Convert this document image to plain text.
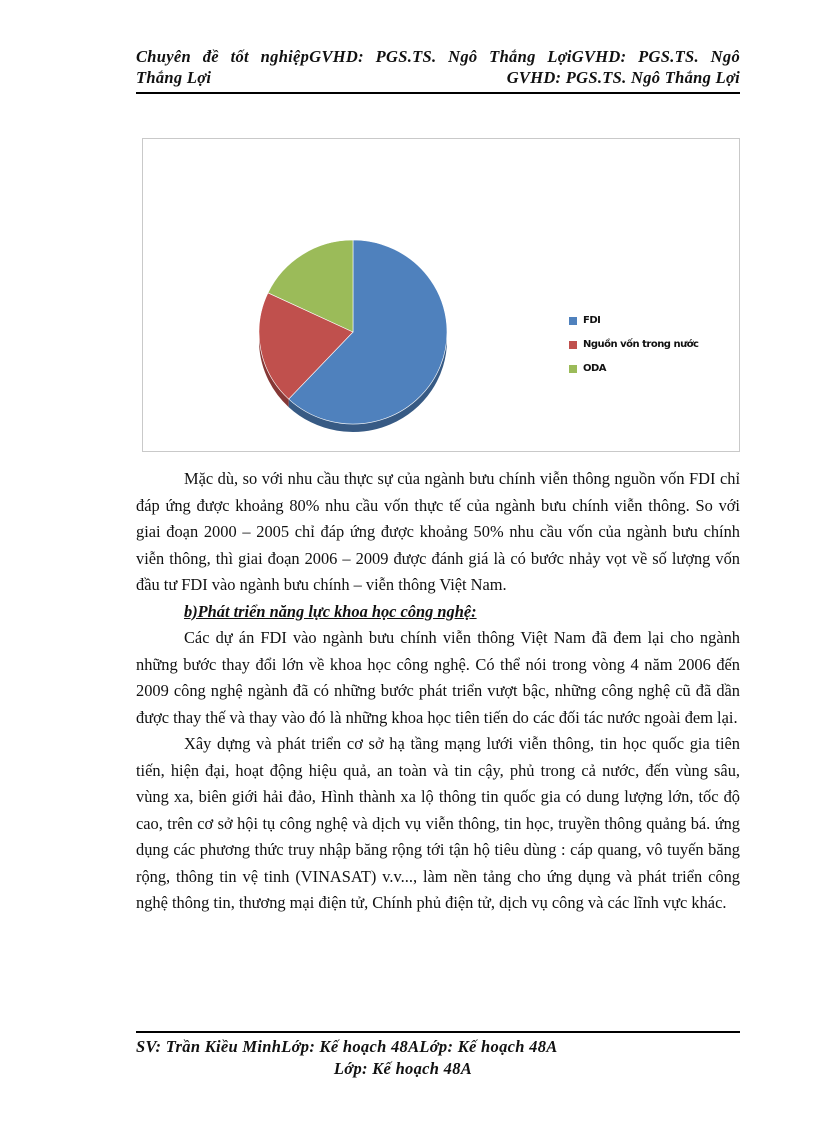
Chuyên đề tốt nghiệpGVHD: PGS.TS. Ngô Thắng LợiGVHD: PGS.TS. Ngô
Thắng Lợi	GVHD: PGS.TS. Ngô Thắng Lợi
FDI
Nguồn vốn trong nước
ODA

Mặc dù, so với nhu cầu thực sự của ngành bưu chính viễn thông nguồn vốn FDI chỉ đáp ứng được khoảng 80% nhu cầu vốn thực tế của ngành bưu chính viễn thông. So với giai đoạn 2000 – 2005 chỉ đáp ứng được khoảng 50% nhu cầu vốn của ngành bưu chính viễn thông, thì giai đoạn 2006 – 2009 được đánh giá là có bước nhảy vọt về số lượng vốn đầu tư FDI vào ngành bưu chính – viễn thông Việt Nam.

b)Phát triển năng lực khoa học công nghệ:

Các dự án FDI vào ngành bưu chính viễn thông Việt Nam đã đem lại cho ngành những bước thay đổi lớn về khoa học công nghệ. Có thể nói trong vòng 4 năm 2006 đến 2009 công nghệ ngành đã có những bước phát triển vượt bậc, những công nghệ cũ đã dần được thay thế và thay vào đó là những khoa học tiên tiến do các đối tác nước ngoài đem lại.

Xây dựng và phát triển cơ sở hạ tầng mạng lưới viễn thông, tin học quốc gia tiên tiến, hiện đại, hoạt động hiệu quả, an toàn và tin cậy, phủ trong cả nước, đến vùng sâu, vùng xa, biên giới hải đảo, Hình thành xa lộ thông tin quốc gia có dung lượng lớn, tốc độ cao, trên cơ sở hội tụ công nghệ và dịch vụ viễn thông, tin học, truyền thông quảng bá. ứng dụng các phương thức truy nhập băng rộng tới tận hộ tiêu dùng : cáp quang, vô tuyến băng rộng, thông tin vệ tinh (VINASAT) v.v..., làm nền tảng cho ứng dụng và phát triển công nghệ thông tin, thương mại điện tử, Chính phủ điện tử, dịch vụ công và các lĩnh vực khác.

SV: Trần Kiều MinhLớp: Kế hoạch 48ALớp: Kế hoạch 48A
Lớp: Kế hoạch 48A
